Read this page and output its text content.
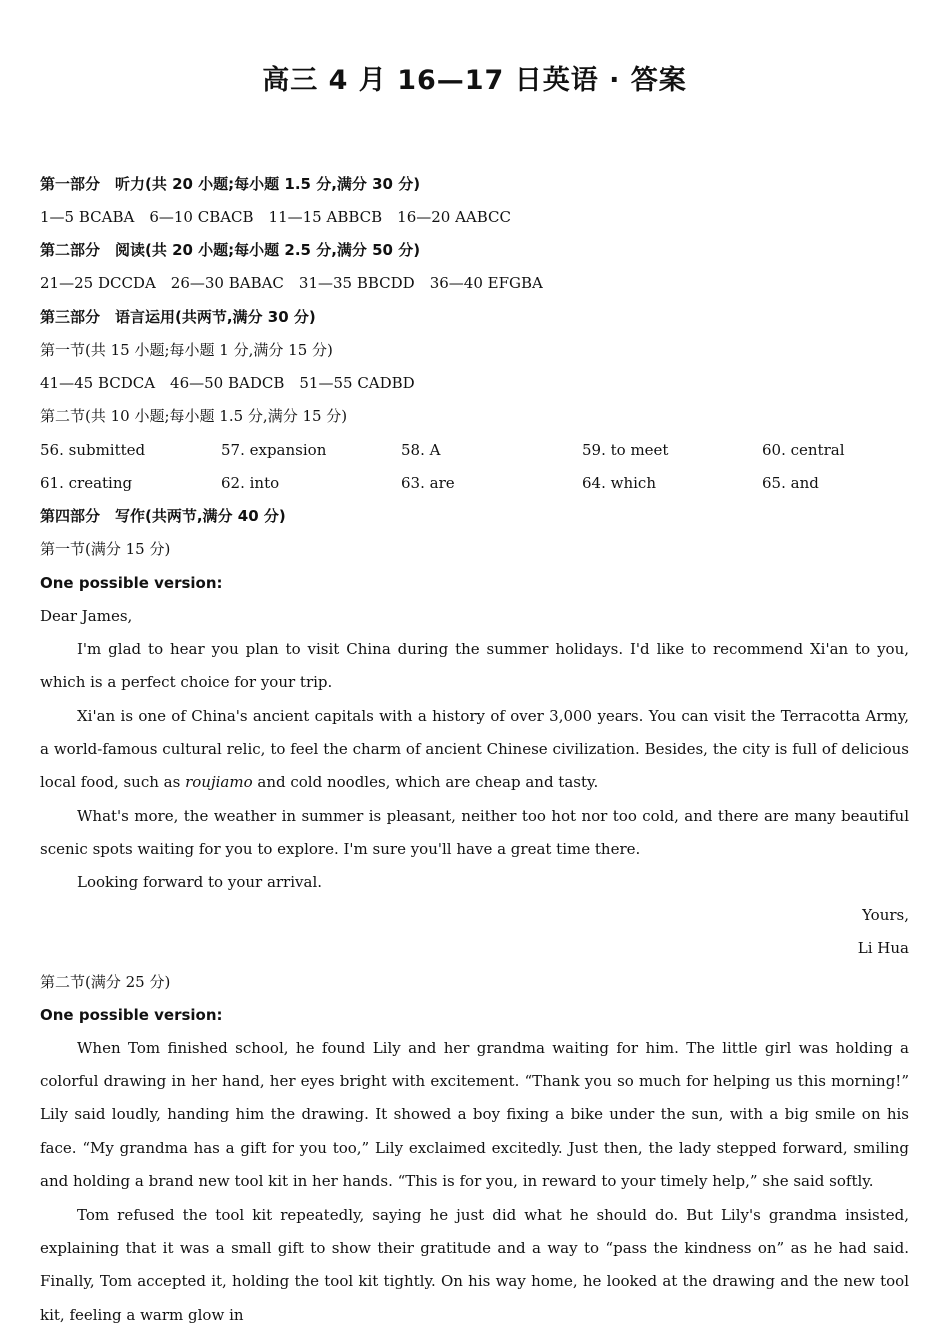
高三 4 月 16—17 日英语 · 答案
第一部分　听力(共 20 小题;每小题 1.5 分,满分 30 分)
1—5 BCABA　6—10 CBACB　11—15 ABBCB　16—20 AABCC
第二部分　阅读(共 20 小题;每小题 2.5 分,满分 50 分)
21—25 DCCDA　26—30 BABAC　31—35 BBCDD　36—40 EFGBA
第三部分　语言运用(共两节,满分 30 分)
第一节(共 15 小题;每小题 1 分,满分 15 分)
41—45 BCDCA　46—50 BADCB　51—55 CADBD
第二节(共 10 小题;每小题 1.5 分,满分 15 分)
56. submitted	57. expansion	58. A	59. to meet	60. central
61. creating	62. into	63. are	64. which	65. and
第四部分　写作(共两节,满分 40 分)
第一节(满分 15 分)
One possible version:
Dear James,
I'm glad to hear you plan to visit China during the summer holidays. I'd like to recommend Xi'an to you, which is a perfect choice for your trip.
Xi'an is one of China's ancient capitals with a history of over 3,000 years. You can visit the Terracotta Army, a world-famous cultural relic, to feel the charm of ancient Chinese civilization. Besides, the city is full of delicious local food, such as roujiamo and cold noodles, which are cheap and tasty.
What's more, the weather in summer is pleasant, neither too hot nor too cold, and there are many beautiful scenic spots waiting for you to explore. I'm sure you'll have a great time there.
Looking forward to your arrival.
Yours,
Li Hua
第二节(满分 25 分)
One possible version:
When Tom finished school, he found Lily and her grandma waiting for him. The little girl was holding a colorful drawing in her hand, her eyes bright with excitement. “Thank you so much for helping us this morning!” Lily said loudly, handing him the drawing. It showed a boy fixing a bike under the sun, with a big smile on his face. “My grandma has a gift for you too,” Lily exclaimed excitedly. Just then, the lady stepped forward, smiling and holding a brand new tool kit in her hands. “This is for you, in reward to your timely help,” she said softly.
Tom refused the tool kit repeatedly, saying he just did what he should do. But Lily's grandma insisted, explaining that it was a small gift to show their gratitude and a way to “pass the kindness on” as he had said. Finally, Tom accepted it, holding the tool kit tightly. On his way home, he looked at the drawing and the new tool kit, feeling a warm glow in
